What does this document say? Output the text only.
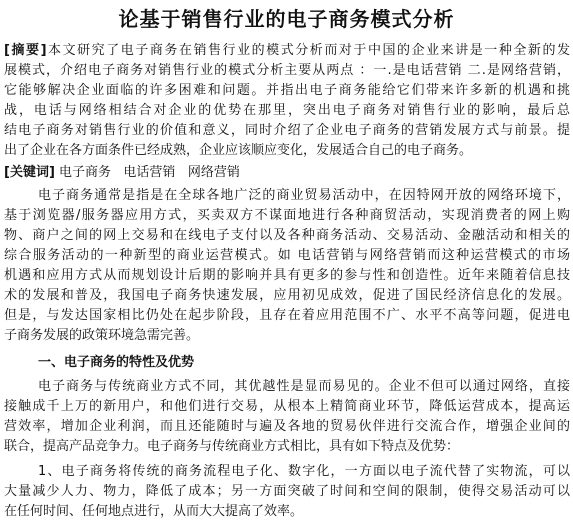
论基于销售行业的电子商务模式分析
[摘要]本文研究了电子商务在销售行业的模式分析而对于中国的企业来讲是一种全新的发
展模式，介绍电子商务对销售行业的模式分析主要从两点 ：一.是电话营销 二.是网络营销，
它能够解决企业面临的许多困难和问题。并指出电子商务能给它们带来许多新的机遇和挑
战，电话与网络相结合对企业的优势在那里，突出电子商务对销售行业的影响，最后总
结电子商务对销售行业的价值和意义，同时介绍了企业电子商务的营销发展方式与前景。提
出了企业在各方面条件已经成熟，企业应该顺应变化，发展适合自己的电子商务。
[关键词] 电子商务   电话营销   网络营销
电子商务通常是指是在全球各地广泛的商业贸易活动中，在因特网开放的网络环境下，
基于浏览器/服务器应用方式，买卖双方不谋面地进行各种商贸活动，实现消费者的网上购
物、商户之间的网上交易和在线电子支付以及各种商务活动、交易活动、金融活动和相关的
综合服务活动的一种新型的商业运营模式。如 电话营销与网络营销而这种运营模式的市场
机遇和应用方式从而规划设计后期的影响并具有更多的参与性和创造性。近年来随着信息技
术的发展和普及，我国电子商务快速发展，应用初见成效，促进了国民经济信息化的发展。
但是，与发达国家相比仍处在起步阶段，且存在着应用范围不广、水平不高等问题，促进电
子商务发展的政策环境急需完善。
一、电子商务的特性及优势
电子商务与传统商业方式不同，其优越性是显而易见的。企业不但可以通过网络，直接
接触成千上万的新用户，和他们进行交易，从根本上精简商业环节，降低运营成本，提高运
营效率，增加企业利润，而且还能随时与遍及各地的贸易伙伴进行交流合作，增强企业间的
联合，提高产品竞争力。电子商务与传统商业方式相比，具有如下特点及优势：
1、电子商务将传统的商务流程电子化、数字化，一方面以电子流代替了实物流，可以
大量减少人力、物力，降低了成本；另一方面突破了时间和空间的限制，使得交易活动可以
在任何时间、任何地点进行，从而大大提高了效率。
